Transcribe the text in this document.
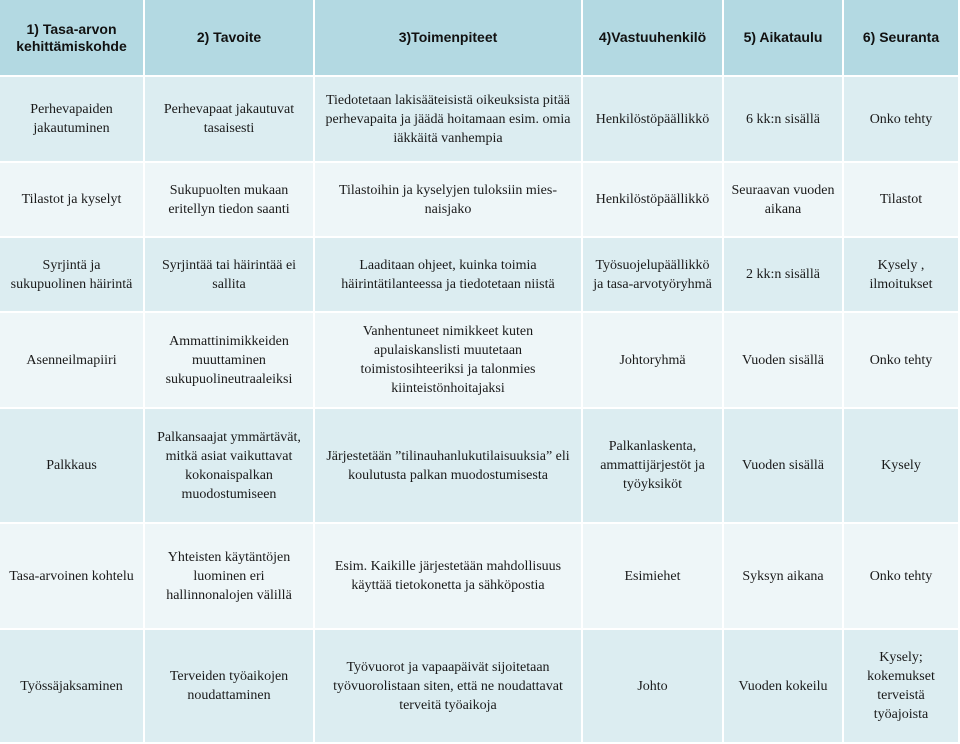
1) Tasa-arvon kehittämiskohde	2) Tavoite	3)Toimenpiteet	4)Vastuuhenkilö	5) Aikataulu	6) Seuranta
Perhevapaiden jakautuminen	Perhevapaat jakautuvat tasaisesti	Tiedotetaan lakisääteisistä oikeuksista pitää perhevapaita ja jäädä hoitamaan esim. omia iäkkäitä vanhempia	Henkilöstöpäällikkö	6 kk:n sisällä	Onko tehty
Tilastot ja kyselyt	Sukupuolten mukaan eritellyn tiedon saanti	Tilastoihin ja kyselyjen tuloksiin mies-naisjako	Henkilöstöpäällikkö	Seuraavan vuoden aikana	Tilastot
Syrjintä ja sukupuolinen häirintä	Syrjintää tai häirintää ei sallita	Laaditaan ohjeet, kuinka toimia häirintätilanteessa ja tiedotetaan niistä	Työsuojelupäällikkö ja tasa-arvotyöryhmä	2 kk:n sisällä	Kysely , ilmoitukset
Asenneilmapiiri	Ammattinimikkeiden muuttaminen sukupuolineutraaleiksi	Vanhentuneet nimikkeet kuten apulaiskanslisti muutetaan toimistosihteeriksi ja talonmies kiinteistönhoitajaksi	Johtoryhmä	Vuoden sisällä	Onko tehty
Palkkaus	Palkansaajat ymmärtävät, mitkä asiat vaikuttavat kokonaispalkan muodostumiseen	Järjestetään ”tilinauhanlukutilaisuuksia” eli koulutusta palkan muodostumisesta	Palkanlaskenta, ammattijärjestöt ja työyksiköt	Vuoden sisällä	Kysely
Tasa-arvoinen kohtelu	Yhteisten käytäntöjen luominen eri hallinnonalojen välillä	Esim. Kaikille järjestetään mahdollisuus käyttää tietokonetta ja sähköpostia	Esimiehet	Syksyn aikana	Onko tehty
Työssäjaksaminen	Terveiden työaikojen noudattaminen	Työvuorot ja vapaapäivät sijoitetaan työvuorolistaan siten, että ne noudattavat terveitä työaikoja	Johto	Vuoden kokeilu	Kysely; kokemukset terveistä työajoista
